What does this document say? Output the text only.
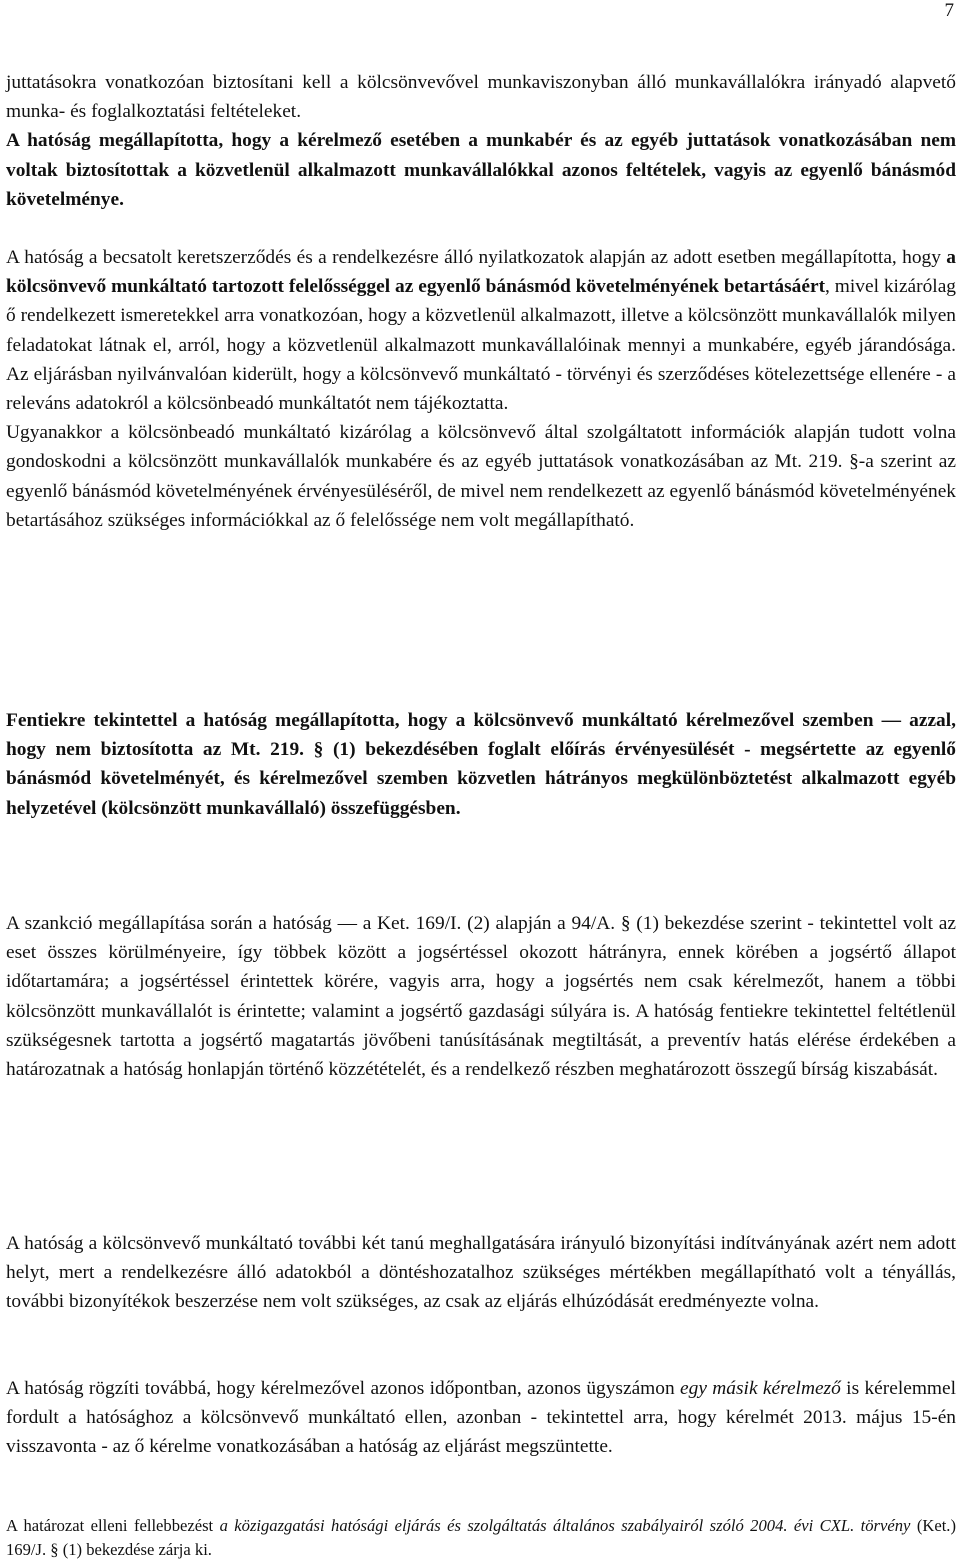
7

juttatásokra vonatkozóan biztosítani kell a kölcsönvevővel munkaviszonyban álló munkavállalókra irányadó alapvető munka- és foglalkoztatási feltételeket.

A hatóság megállapította, hogy a kérelmező esetében a munkabér és az egyéb juttatások vonatkozásában nem voltak biztosítottak a közvetlenül alkalmazott munkavállalókkal azonos feltételek, vagyis az egyenlő bánásmód követelménye.

A hatóság a becsatolt keretszerződés és a rendelkezésre álló nyilatkozatok alapján az adott esetben megállapította, hogy a kölcsönvevő munkáltató tartozott felelősséggel az egyenlő bánásmód követelményének betartásáért, mivel kizárólag ő rendelkezett ismeretekkel arra vonatkozóan, hogy a közvetlenül alkalmazott, illetve a kölcsönzött munkavállalók milyen feladatokat látnak el, arról, hogy a közvetlenül alkalmazott munkavállalóinak mennyi a munkabére, egyéb járandósága. Az eljárásban nyilvánvalóan kiderült, hogy a kölcsönvevő munkáltató - törvényi és szerződéses kötelezettsége ellenére - a releváns adatokról a kölcsönbeadó munkáltatót nem tájékoztatta.

Ugyanakkor a kölcsönbeadó munkáltató kizárólag a kölcsönvevő által szolgáltatott információk alapján tudott volna gondoskodni a kölcsönzött munkavállalók munkabére és az egyéb juttatások vonatkozásában az Mt. 219. §-a szerint az egyenlő bánásmód követelményének érvényesüléséről, de mivel nem rendelkezett az egyenlő bánásmód követelményének betartásához szükséges információkkal az ő felelőssége nem volt megállapítható.

Fentiekre tekintettel a hatóság megállapította, hogy a kölcsönvevő munkáltató kérelmezővel szemben ― azzal, hogy nem biztosította az Mt. 219. § (1) bekezdésében foglalt előírás érvényesülését - megsértette az egyenlő bánásmód követelményét, és kérelmezővel szemben közvetlen hátrányos megkülönböztetést alkalmazott egyéb helyzetével (kölcsönzött munkavállaló) összefüggésben.
A szankció megállapítása során a hatóság ― a Ket. 169/I. (2) alapján a 94/A. § (1) bekezdése szerint - tekintettel volt az eset összes körülményeire, így többek között a jogsértéssel okozott hátrányra, ennek körében a jogsértő állapot időtartamára; a jogsértéssel érintettek körére, vagyis arra, hogy a jogsértés nem csak kérelmezőt, hanem a többi kölcsönzött munkavállalót is érintette; valamint a jogsértő gazdasági súlyára is. A hatóság fentiekre tekintettel feltétlenül szükségesnek tartotta a jogsértő magatartás jövőbeni tanúsításának megtiltását, a preventív hatás elérése érdekében a határozatnak a hatóság honlapján történő közzétételét, és a rendelkező részben meghatározott összegű bírság kiszabását.
A hatóság a kölcsönvevő munkáltató további két tanú meghallgatására irányuló bizonyítási indítványának azért nem adott helyt, mert a rendelkezésre álló adatokból a döntéshozatalhoz szükséges mértékben megállapítható volt a tényállás, további bizonyítékok beszerzése nem volt szükséges, az csak az eljárás elhúzódását eredményezte volna.
A hatóság rögzíti továbbá, hogy kérelmezővel azonos időpontban, azonos ügyszámon egy másik kérelmező is kérelemmel fordult a hatósághoz a kölcsönvevő munkáltató ellen, azonban - tekintettel arra, hogy kérelmét 2013. május 15-én visszavonta - az ő kérelme vonatkozásában a hatóság az eljárást megszüntette.
A határozat elleni fellebbezést a közigazgatási hatósági eljárás és szolgáltatás általános szabályairól szóló 2004. évi CXL. törvény (Ket.) 169/J. § (1) bekezdése zárja ki.
